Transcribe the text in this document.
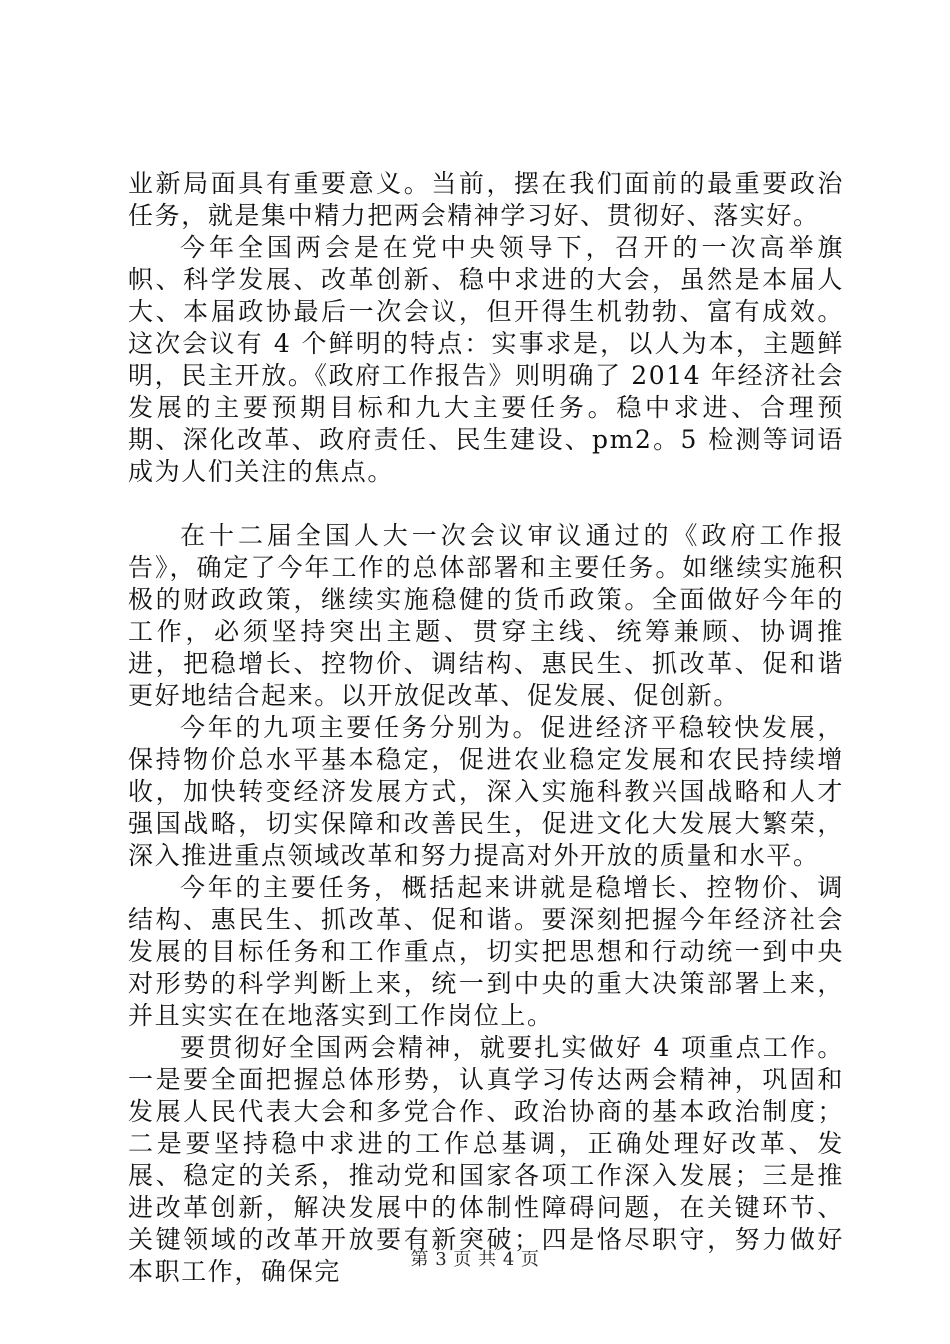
业新局面具有重要意义。当前，摆在我们面前的最重要政治任务，就是集中精力把两会精神学习好、贯彻好、落实好。

今年全国两会是在党中央领导下，召开的一次高举旗帜、科学发展、改革创新、稳中求进的大会，虽然是本届人大、本届政协最后一次会议，但开得生机勃勃、富有成效。这次会议有 4 个鲜明的特点：实事求是，以人为本，主题鲜明，民主开放。《政府工作报告》则明确了 2014 年经济社会发展的主要预期目标和九大主要任务。稳中求进、合理预期、深化改革、政府责任、民生建设、pm2。5 检测等词语成为人们关注的焦点。

在十二届全国人大一次会议审议通过的《政府工作报告》，确定了今年工作的总体部署和主要任务。如继续实施积极的财政政策，继续实施稳健的货币政策。全面做好今年的工作，必须坚持突出主题、贯穿主线、统筹兼顾、协调推进，把稳增长、控物价、调结构、惠民生、抓改革、促和谐更好地结合起来。以开放促改革、促发展、促创新。

今年的九项主要任务分别为。促进经济平稳较快发展，保持物价总水平基本稳定，促进农业稳定发展和农民持续增收，加快转变经济发展方式，深入实施科教兴国战略和人才强国战略，切实保障和改善民生，促进文化大发展大繁荣，深入推进重点领域改革和努力提高对外开放的质量和水平。

今年的主要任务，概括起来讲就是稳增长、控物价、调结构、惠民生、抓改革、促和谐。要深刻把握今年经济社会发展的目标任务和工作重点，切实把思想和行动统一到中央对形势的科学判断上来，统一到中央的重大决策部署上来，并且实实在在地落实到工作岗位上。

要贯彻好全国两会精神，就要扎实做好 4 项重点工作。一是要全面把握总体形势，认真学习传达两会精神，巩固和发展人民代表大会和多党合作、政治协商的基本政治制度；二是要坚持稳中求进的工作总基调，正确处理好改革、发展、稳定的关系，推动党和国家各项工作深入发展；三是推进改革创新，解决发展中的体制性障碍问题，在关键环节、关键领域的改革开放要有新突破；四是恪尽职守，努力做好本职工作，确保完	第 3 页 共 4 页
